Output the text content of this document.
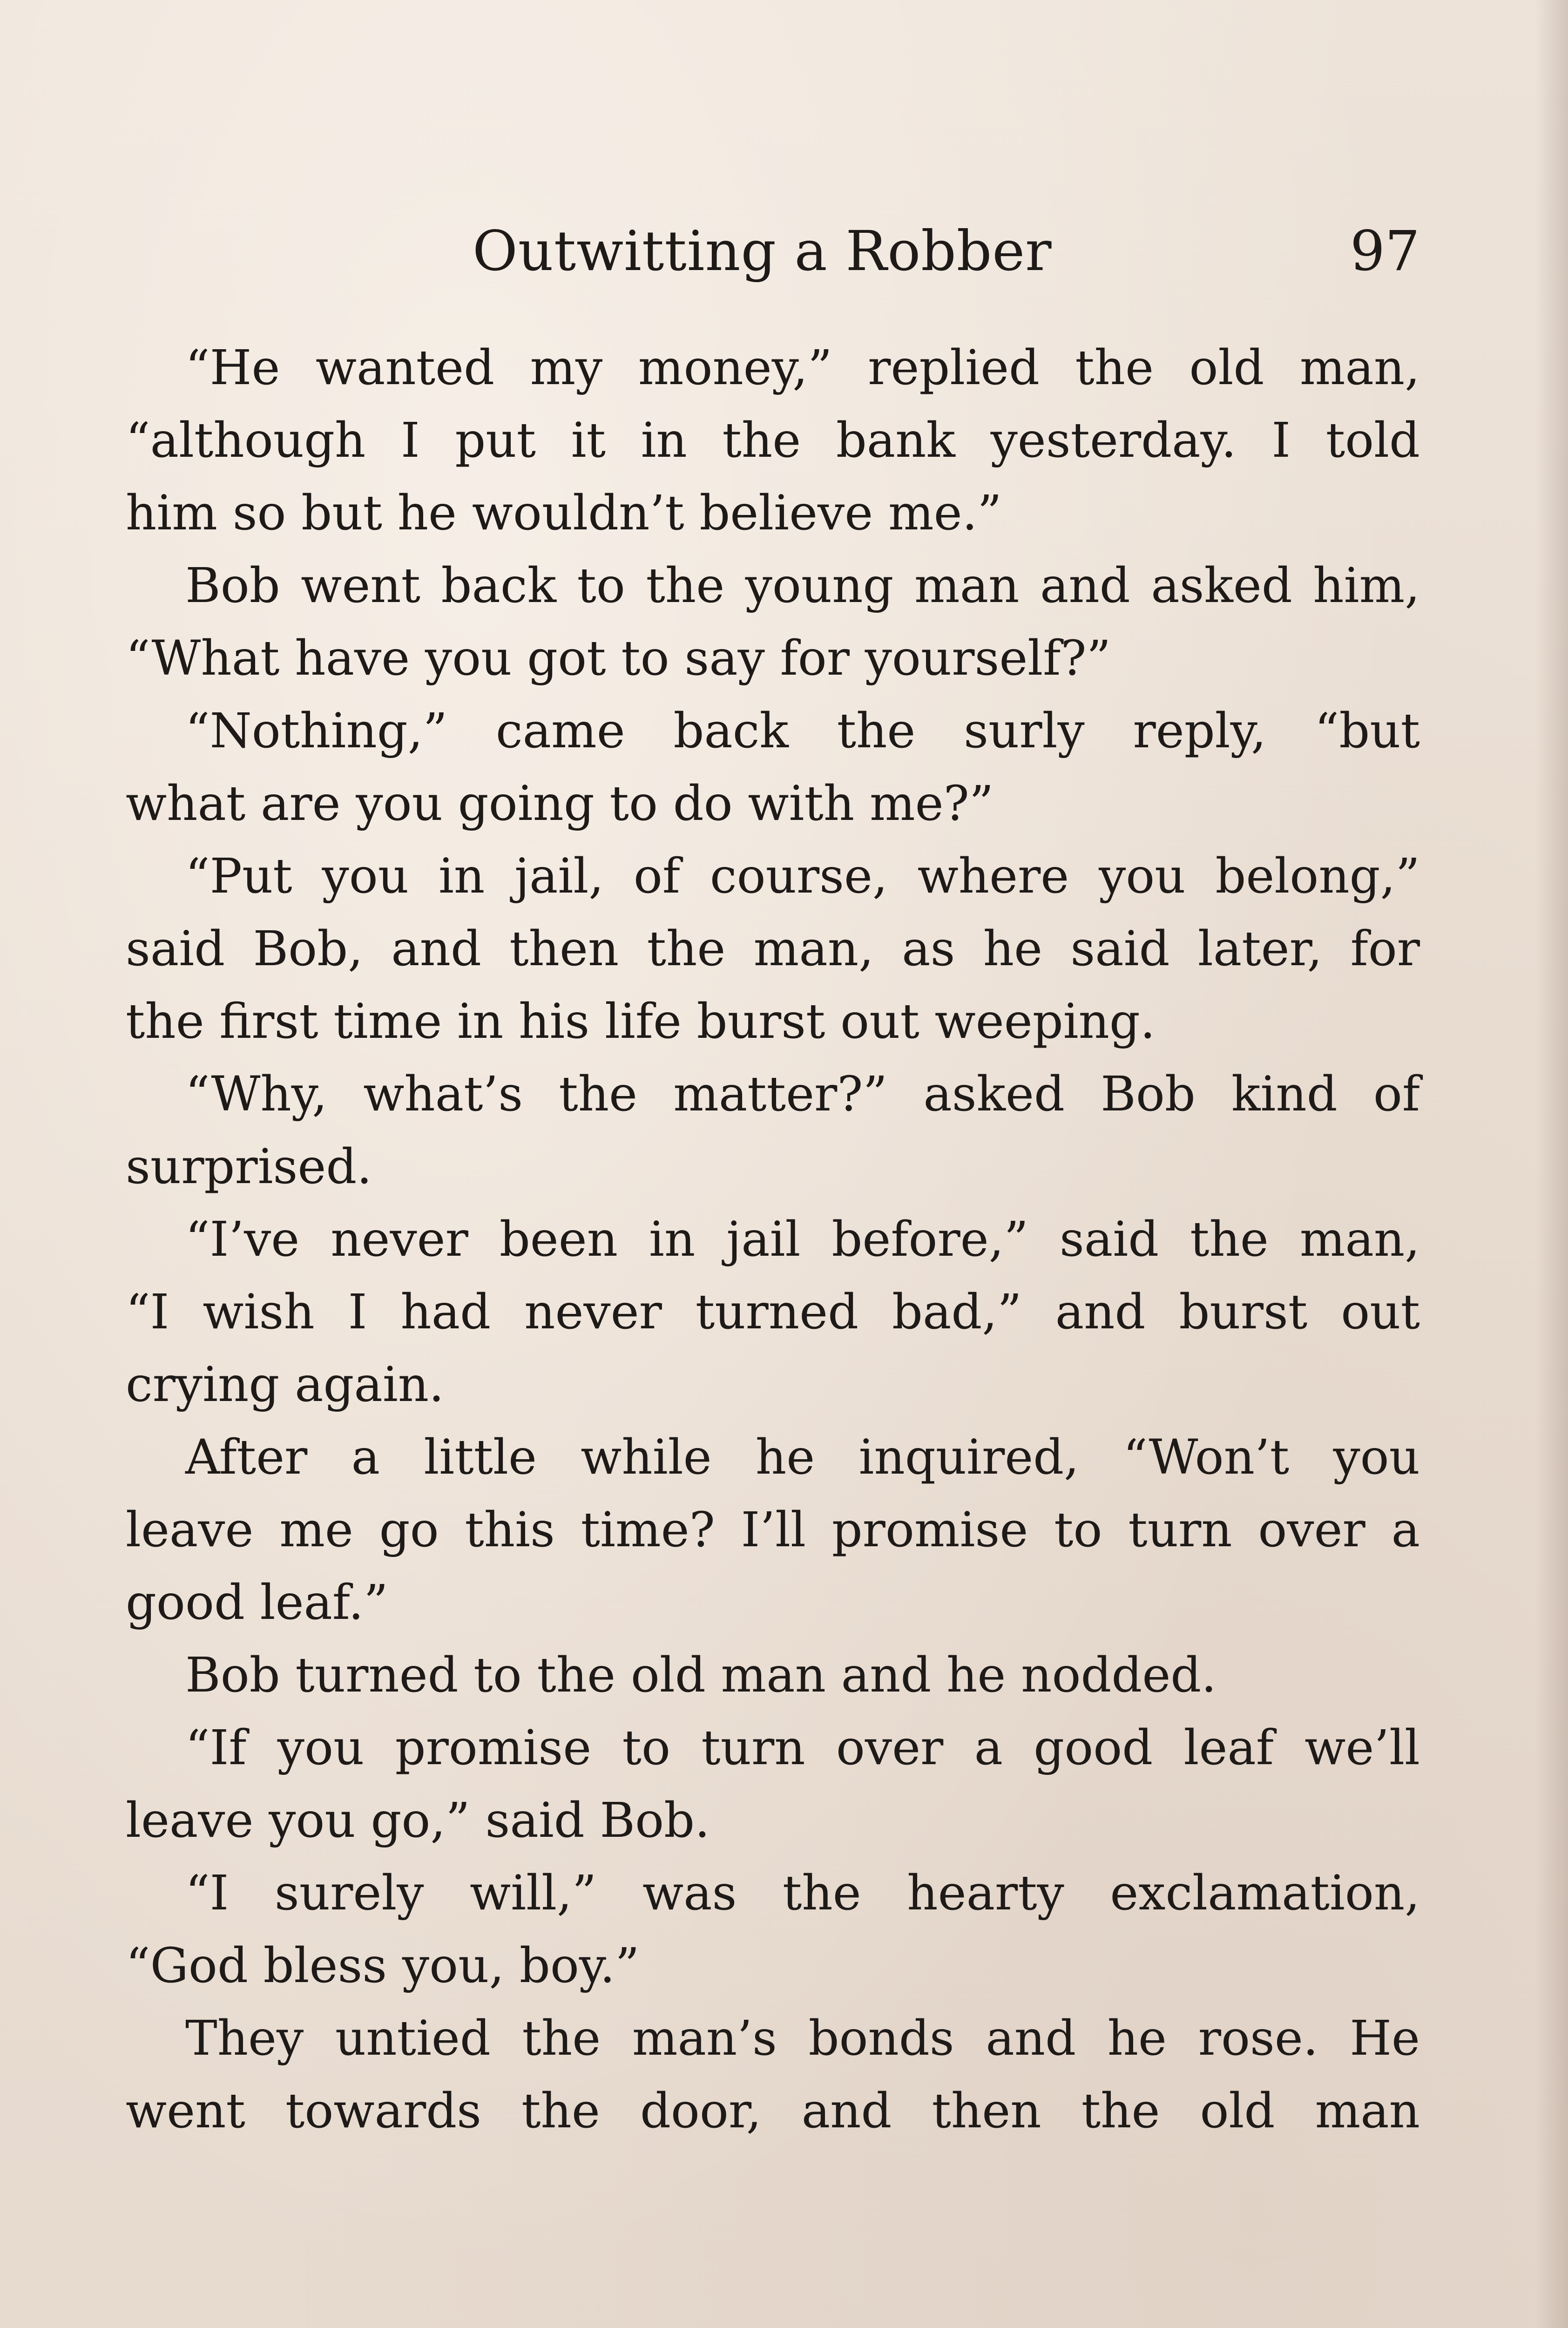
Outwitting a Robber	97
“He wanted my money,” replied the old man,
“although I put it in the bank yesterday. I told
him so but he wouldn’t believe me.”
Bob went back to the young man and asked him,
“What have you got to say for yourself?”
“Nothing,” came back the surly reply, “but
what are you going to do with me?”
“Put you in jail, of course, where you belong,”
said Bob, and then the man, as he said later, for
the first time in his life burst out weeping.
“Why, what’s the matter?” asked Bob kind of
surprised.
“I’ve never been in jail before,” said the man,
“I wish I had never turned bad,” and burst out
crying again.
After a little while he inquired, “Won’t you
leave me go this time? I’ll promise to turn over a
good leaf.”
Bob turned to the old man and he nodded.
“If you promise to turn over a good leaf we’ll
leave you go,” said Bob.
“I surely will,” was the hearty exclamation,
“God bless you, boy.”
They untied the man’s bonds and he rose. He
went towards the door, and then the old man
